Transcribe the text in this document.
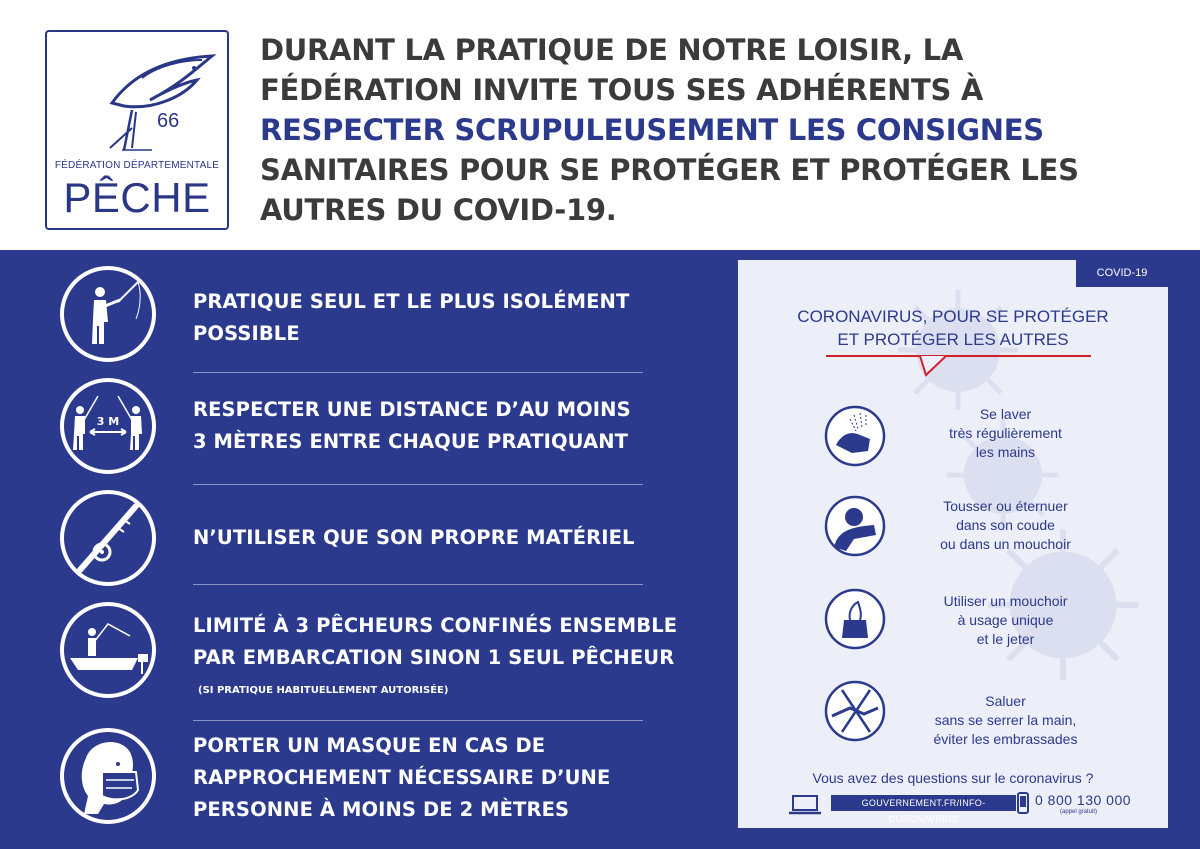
66
FÉDÉRATION DÉPARTEMENTALE
PÊCHE
DURANT LA PRATIQUE DE NOTRE LOISIR, LA
FÉDÉRATION INVITE TOUS SES ADHÉRENTS À
RESPECTER SCRUPULEUSEMENT LES CONSIGNES
SANITAIRES POUR SE PROTÉGER ET PROTÉGER LES
AUTRES DU COVID-19.
PRATIQUE SEUL ET LE PLUS ISOLÉMENT
POSSIBLE
3 M
RESPECTER UNE DISTANCE D’AU MOINS
3 MÈTRES ENTRE CHAQUE PRATIQUANT
N’UTILISER QUE SON PROPRE MATÉRIEL
LIMITÉ À 3 PÊCHEURS CONFINÉS ENSEMBLE
PAR EMBARCATION SINON 1 SEUL PÊCHEUR
(SI PRATIQUE HABITUELLEMENT AUTORISÉE)
PORTER UN MASQUE EN CAS DE
RAPPROCHEMENT NÉCESSAIRE D’UNE
PERSONNE À MOINS DE 2 MÈTRES
COVID-19
CORONAVIRUS, POUR SE PROTÉGER
ET PROTÉGER LES AUTRES
Se laver
très régulièrement
les mains
Tousser ou éternuer
dans son coude
ou dans un mouchoir
Utiliser un mouchoir
à usage unique
et le jeter
Saluer
sans se serrer la main,
éviter les embrassades
Vous avez des questions sur le coronavirus ?
GOUVERNEMENT.FR/INFO-CORONAVIRUS
0 800 130 000
(appel gratuit)
